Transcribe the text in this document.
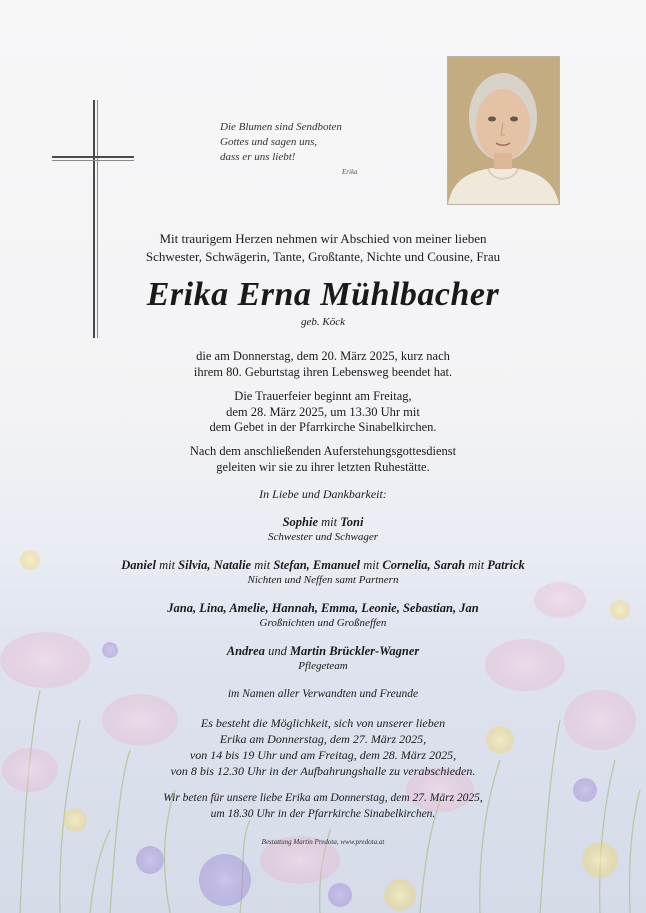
Die Blumen sind Sendboten
Gottes und sagen uns,
dass er uns liebt!
Erika
Mit traurigem Herzen nehmen wir Abschied von meiner lieben
Schwester, Schwägerin, Tante, Großtante, Nichte und Cousine, Frau
Erika Erna Mühlbacher
geb. Köck
die am Donnerstag, dem 20. März 2025, kurz nach
ihrem 80. Geburtstag ihren Lebensweg beendet hat.
Die Trauerfeier beginnt am Freitag,
dem 28. März 2025, um 13.30 Uhr mit
dem Gebet in der Pfarrkirche Sinabelkirchen.
Nach dem anschließenden Auferstehungsgottesdienst
geleiten wir sie zu ihrer letzten Ruhestätte.
In Liebe und Dankbarkeit:
Sophie mit Toni
Schwester und Schwager
Daniel mit Silvia, Natalie mit Stefan, Emanuel mit Cornelia, Sarah mit Patrick
Nichten und Neffen samt Partnern
Jana, Lina, Amelie, Hannah, Emma, Leonie, Sebastian, Jan
Großnichten und Großneffen
Andrea und Martin Brückler-Wagner
Pflegeteam
im Namen aller Verwandten und Freunde
Es besteht die Möglichkeit, sich von unserer lieben
Erika am Donnerstag, dem 27. März 2025,
von 14 bis 19 Uhr und am Freitag, dem 28. März 2025,
von 8 bis 12.30 Uhr in der Aufbahrungshalle zu verabschieden.
Wir beten für unsere liebe Erika am Donnerstag, dem 27. März 2025,
um 18.30 Uhr in der Pfarrkirche Sinabelkirchen.
Bestattung Martin Predota, www.predota.at
